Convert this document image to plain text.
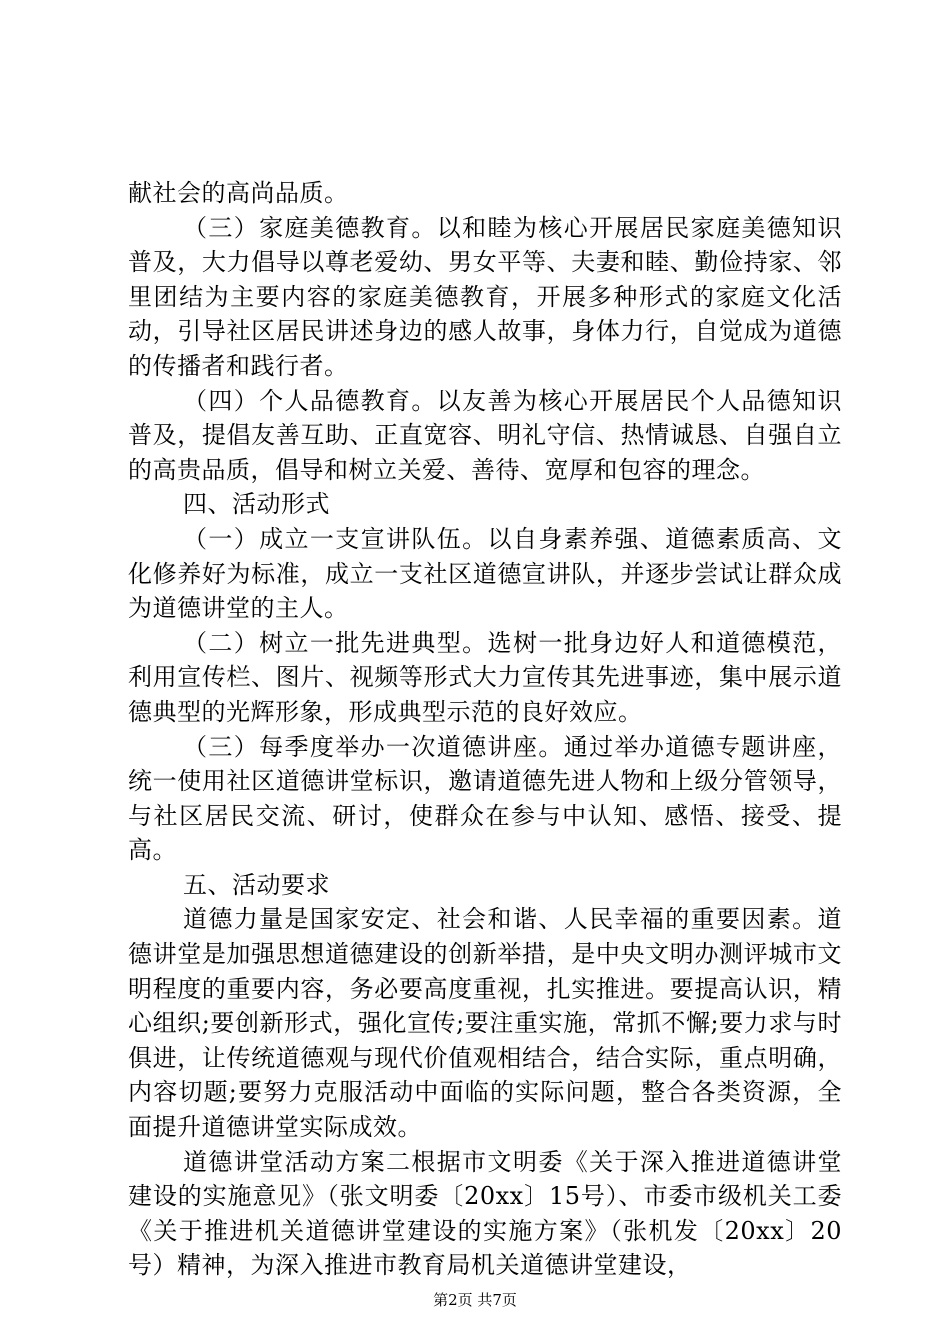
献社会的高尚品质。

（三）家庭美德教育。以和睦为核心开展居民家庭美德知识普及，大力倡导以尊老爱幼、男女平等、夫妻和睦、勤俭持家、邻里团结为主要内容的家庭美德教育，开展多种形式的家庭文化活动，引导社区居民讲述身边的感人故事，身体力行，自觉成为道德的传播者和践行者。

（四）个人品德教育。以友善为核心开展居民个人品德知识普及，提倡友善互助、正直宽容、明礼守信、热情诚恳、自强自立的高贵品质，倡导和树立关爱、善待、宽厚和包容的理念。

四、活动形式

（一）成立一支宣讲队伍。以自身素养强、道德素质高、文化修养好为标准，成立一支社区道德宣讲队，并逐步尝试让群众成为道德讲堂的主人。

（二）树立一批先进典型。选树一批身边好人和道德模范，利用宣传栏、图片、视频等形式大力宣传其先进事迹，集中展示道德典型的光辉形象，形成典型示范的良好效应。

（三）每季度举办一次道德讲座。通过举办道德专题讲座，统一使用社区道德讲堂标识，邀请道德先进人物和上级分管领导，与社区居民交流、研讨，使群众在参与中认知、感悟、接受、提高。

五、活动要求

道德力量是国家安定、社会和谐、人民幸福的重要因素。道德讲堂是加强思想道德建设的创新举措，是中央文明办测评城市文明程度的重要内容，务必要高度重视，扎实推进。要提高认识，精心组织;要创新形式，强化宣传;要注重实施，常抓不懈;要力求与时俱进，让传统道德观与现代价值观相结合，结合实际，重点明确，内容切题;要努力克服活动中面临的实际问题，整合各类资源，全面提升道德讲堂实际成效。

道德讲堂活动方案二根据市文明委《关于深入推进道德讲堂建设的实施意见》（张文明委〔20xx〕15号）、市委市级机关工委《关于推进机关道德讲堂建设的实施方案》（张机发〔20xx〕20号）精神，为深入推进市教育局机关道德讲堂建设，

第2页 共7页
